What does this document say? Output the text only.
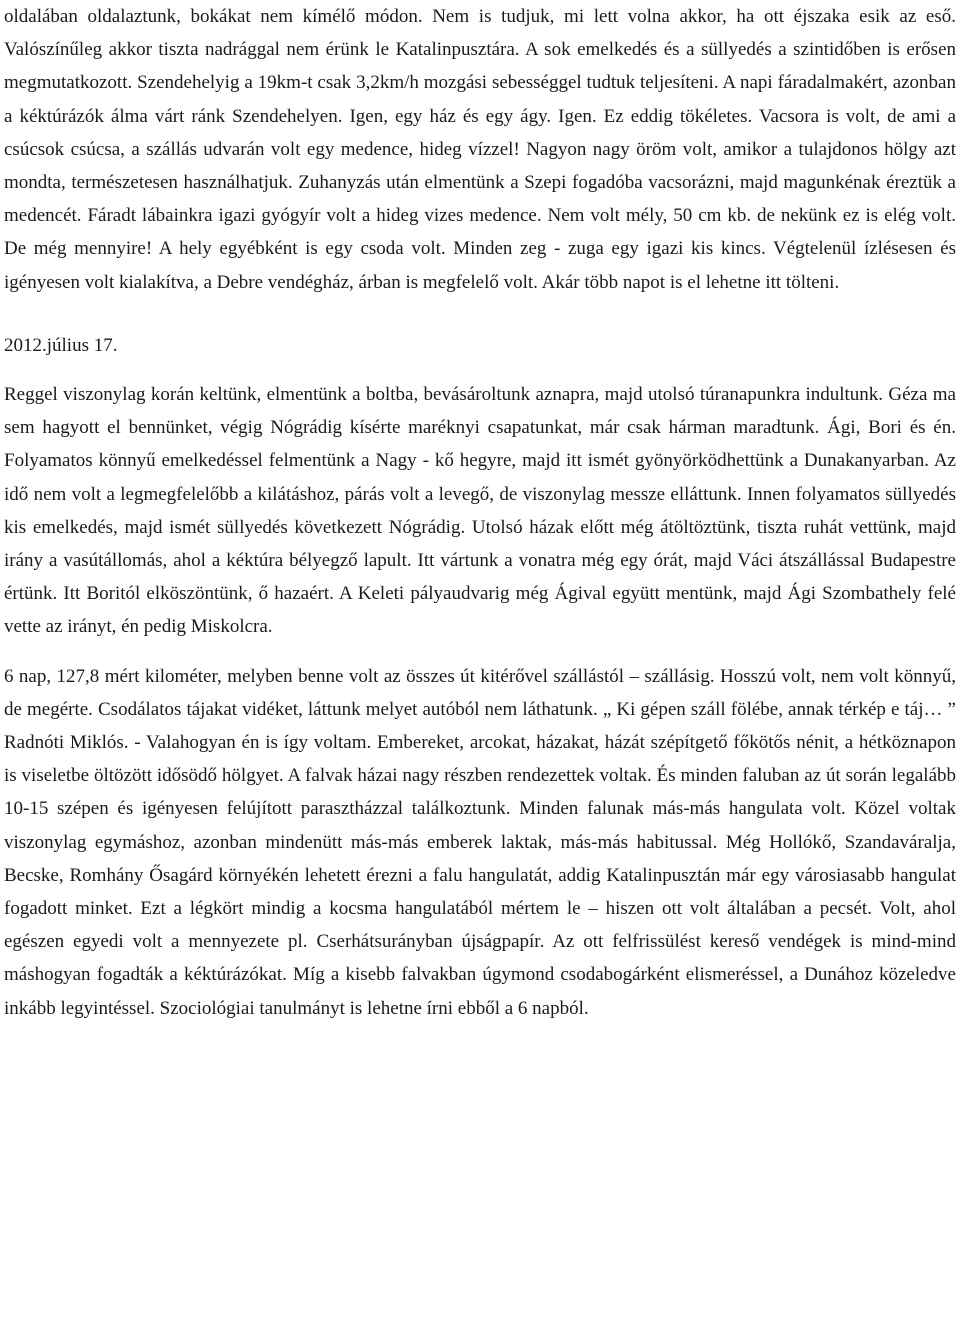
oldalában oldalaztunk, bokákat nem kímélő módon. Nem is tudjuk, mi lett volna akkor, ha ott éjszaka esik az eső. Valószínűleg akkor tiszta nadrággal nem érünk le Katalinpusztára. A sok emelkedés és a süllyedés a szintidőben is erősen megmutatkozott. Szendehelyig a 19km-t csak 3,2km/h mozgási sebességgel tudtuk teljesíteni. A napi fáradalmakért, azonban a kéktúrázók álma várt ránk Szendehelyen. Igen, egy ház és egy ágy. Igen. Ez eddig tökéletes. Vacsora is volt, de ami a csúcsok csúcsa, a szállás udvarán volt egy medence, hideg vízzel! Nagyon nagy öröm volt, amikor a tulajdonos hölgy azt mondta, természetesen használhatjuk. Zuhanyzás után elmentünk a Szepi fogadóba vacsorázni, majd magunkénak éreztük a medencét. Fáradt lábainkra igazi gyógyír volt a hideg vizes medence. Nem volt mély, 50 cm kb. de nekünk ez is elég volt. De még mennyire! A hely egyébként is egy csoda volt. Minden zeg - zuga egy igazi kis kincs. Végtelenül ízlésesen és igényesen volt kialakítva, a Debre vendégház, árban is megfelelő volt. Akár több napot is el lehetne itt tölteni.

2012.július 17.

Reggel viszonylag korán keltünk, elmentünk a boltba, bevásároltunk aznapra, majd utolsó túranapunkra indultunk. Géza ma sem hagyott el bennünket, végig Nógrádig kísérte maréknyi csapatunkat, már csak hárman maradtunk. Ági, Bori és én. Folyamatos könnyű emelkedéssel felmentünk a Nagy - kő hegyre, majd itt ismét gyönyörködhettünk a Dunakanyarban. Az idő nem volt a legmegfelelőbb a kilátáshoz, párás volt a levegő, de viszonylag messze elláttunk. Innen folyamatos süllyedés kis emelkedés, majd ismét süllyedés következett Nógrádig. Utolsó házak előtt még átöltöztünk, tiszta ruhát vettünk, majd irány a vasútállomás, ahol a kéktúra bélyegző lapult. Itt vártunk a vonatra még egy órát, majd Váci átszállással Budapestre értünk. Itt Boritól elköszöntünk, ő hazaért. A Keleti pályaudvarig még Ágival együtt mentünk, majd Ági Szombathely felé vette az irányt, én pedig Miskolcra.

6 nap, 127,8 mért kilométer, melyben benne volt az összes út kitérővel szállástól – szállásig. Hosszú volt, nem volt könnyű, de megérte. Csodálatos tájakat vidéket, láttunk melyet autóból nem láthatunk. „ Ki gépen száll fölébe, annak térkép e táj… ” Radnóti Miklós. - Valahogyan én is így voltam. Embereket, arcokat, házakat, házát szépítgető főkötős nénit, a hétköznapon is viseletbe öltözött idősödő hölgyet. A falvak házai nagy részben rendezettek voltak. És minden faluban az út során legalább 10-15 szépen és igényesen felújított parasztházzal találkoztunk. Minden falunak más-más hangulata volt. Közel voltak viszonylag egymáshoz, azonban mindenütt más-más emberek laktak, más-más habitussal. Még Hollókő, Szandaváralja, Becske, Romhány Ősagárd környékén lehetett érezni a falu hangulatát, addig Katalinpusztán már egy városiasabb hangulat fogadott minket. Ezt a légkört mindig a kocsma hangulatából mértem le – hiszen ott volt általában a pecsét. Volt, ahol egészen egyedi volt a mennyezete pl. Cserhátsurányban újságpapír. Az ott felfrissülést kereső vendégek is mind-mind máshogyan fogadták a kéktúrázókat. Míg a kisebb falvakban úgymond csodabogárként elismeréssel, a Dunához közeledve inkább legyintéssel. Szociológiai tanulmányt is lehetne írni ebből a 6 napból.
